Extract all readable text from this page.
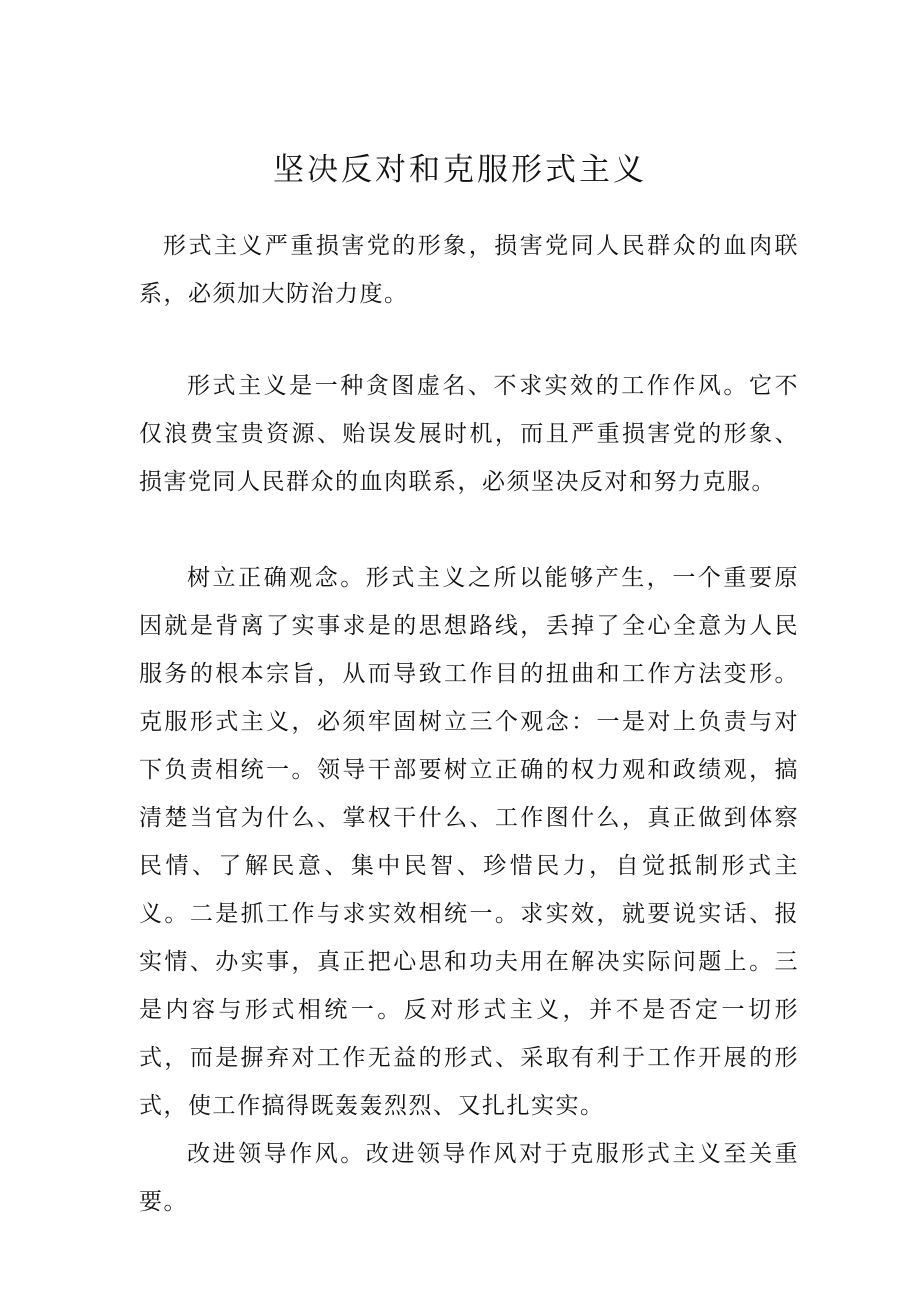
坚决反对和克服形式主义

形式主义严重损害党的形象，损害党同人民群众的血肉联系，必须加大防治力度。

形式主义是一种贪图虚名、不求实效的工作作风。它不仅浪费宝贵资源、贻误发展时机，而且严重损害党的形象、损害党同人民群众的血肉联系，必须坚决反对和努力克服。

树立正确观念。形式主义之所以能够产生，一个重要原因就是背离了实事求是的思想路线，丢掉了全心全意为人民服务的根本宗旨，从而导致工作目的扭曲和工作方法变形。克服形式主义，必须牢固树立三个观念：一是对上负责与对下负责相统一。领导干部要树立正确的权力观和政绩观，搞清楚当官为什么、掌权干什么、工作图什么，真正做到体察民情、了解民意、集中民智、珍惜民力，自觉抵制形式主义。二是抓工作与求实效相统一。求实效，就要说实话、报实情、办实事，真正把心思和功夫用在解决实际问题上。三是内容与形式相统一。反对形式主义，并不是否定一切形式，而是摒弃对工作无益的形式、采取有利于工作开展的形式，使工作搞得既轰轰烈烈、又扎扎实实。

改进领导作风。改进领导作风对于克服形式主义至关重要。
